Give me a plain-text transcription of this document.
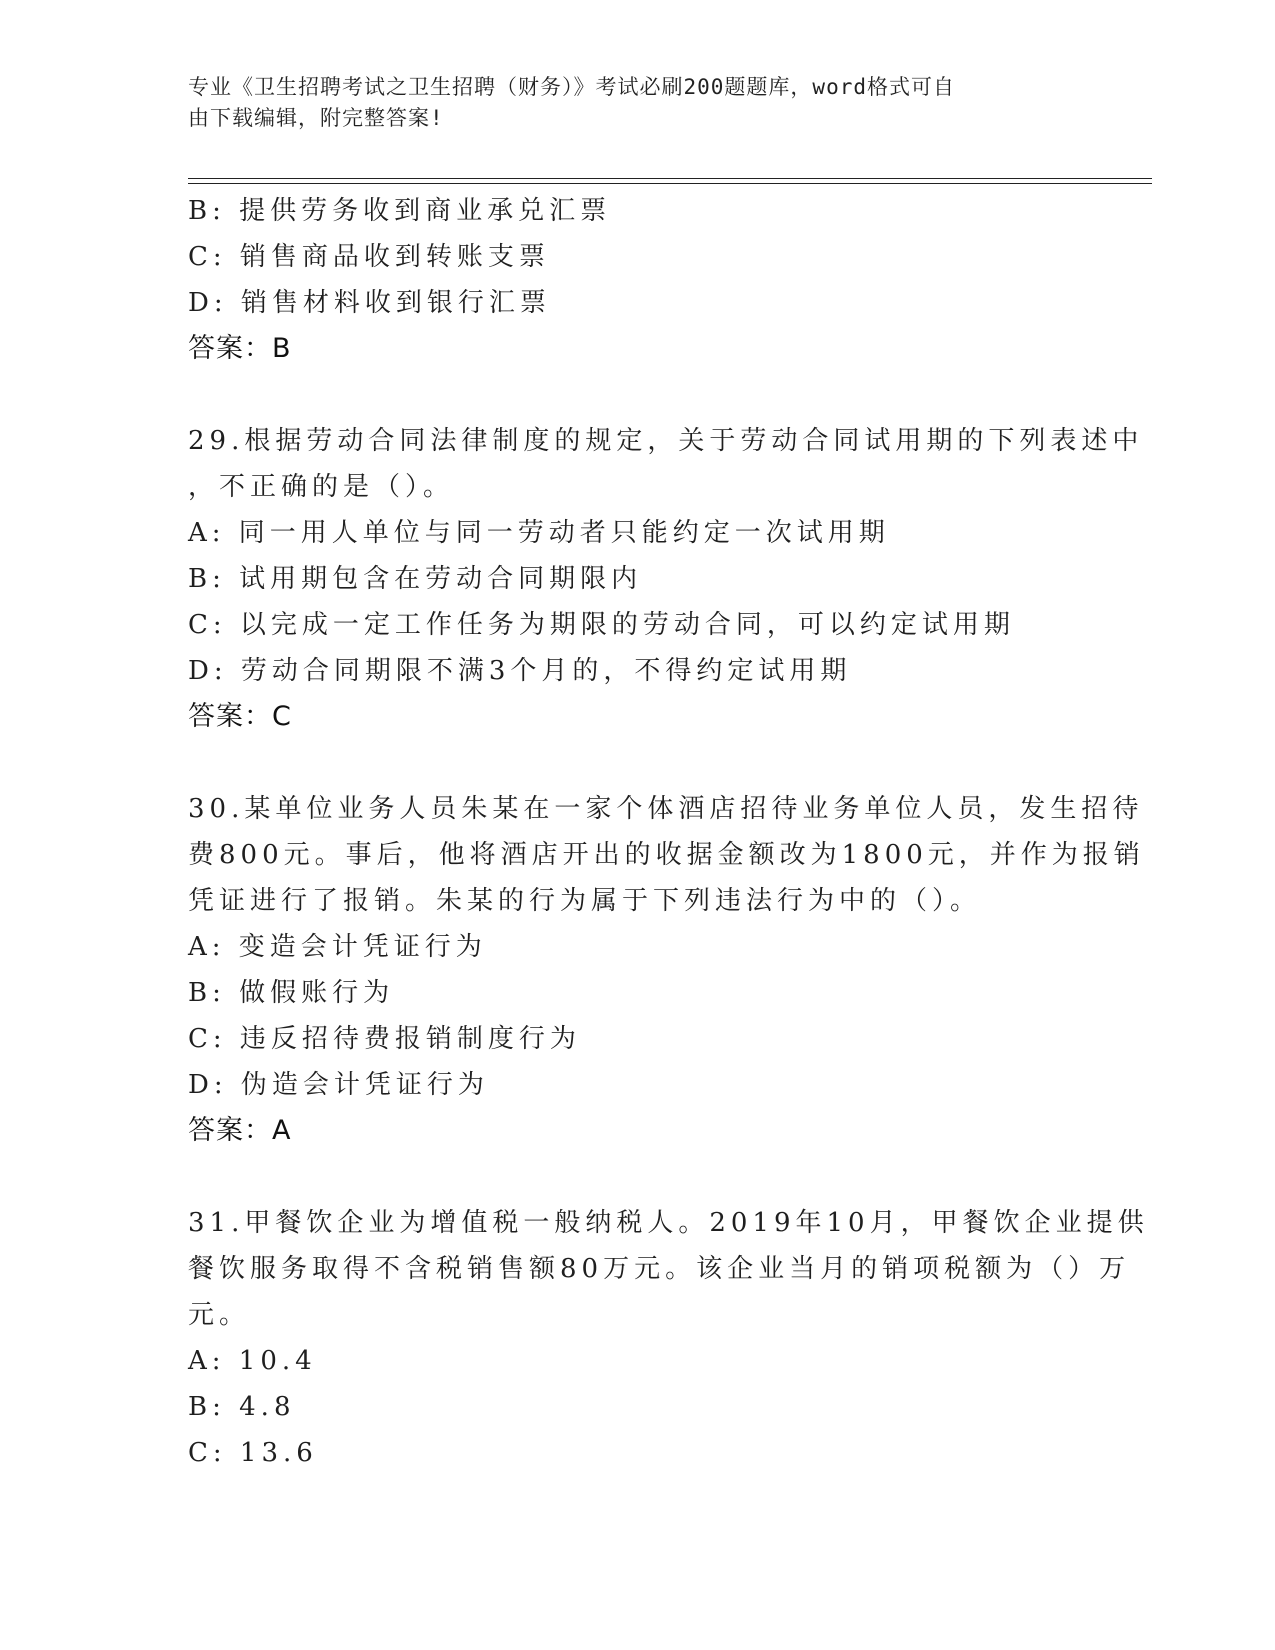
专业《卫生招聘考试之卫生招聘（财务）》考试必刷200题题库，word格式可自
由下载编辑，附完整答案!
B: 提供劳务收到商业承兑汇票
C: 销售商品收到转账支票
D: 销售材料收到银行汇票
答案：B
29.根据劳动合同法律制度的规定，关于劳动合同试用期的下列表述中
，不正确的是（）。
A: 同一用人单位与同一劳动者只能约定一次试用期
B: 试用期包含在劳动合同期限内
C: 以完成一定工作任务为期限的劳动合同，可以约定试用期
D: 劳动合同期限不满3个月的，不得约定试用期
答案：C
30.某单位业务人员朱某在一家个体酒店招待业务单位人员，发生招待
费800元。事后，他将酒店开出的收据金额改为1800元，并作为报销
凭证进行了报销。朱某的行为属于下列违法行为中的（）。
A: 变造会计凭证行为
B: 做假账行为
C: 违反招待费报销制度行为
D: 伪造会计凭证行为
答案：A
31.甲餐饮企业为增值税一般纳税人。2019年10月，甲餐饮企业提供
餐饮服务取得不含税销售额80万元。该企业当月的销项税额为（）万
元。
A: 10.4
B: 4.8
C: 13.6
